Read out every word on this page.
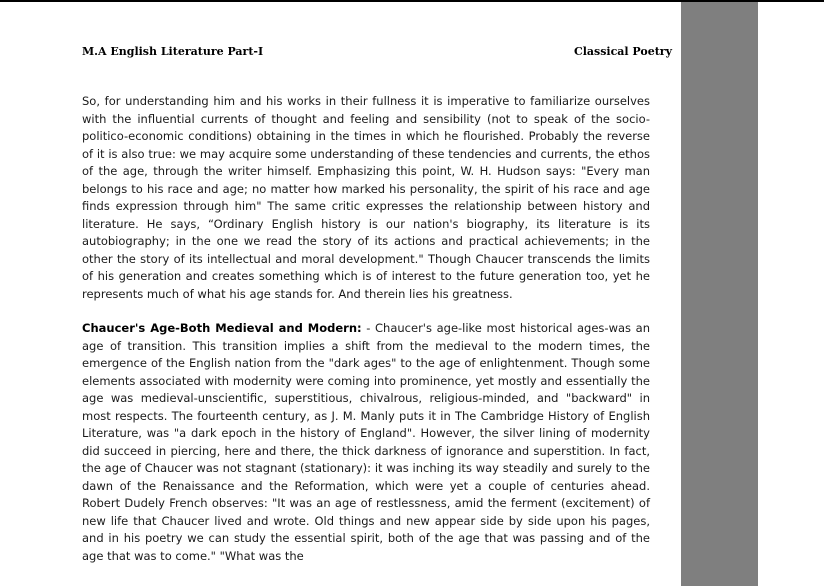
M.A English Literature Part-I	Classical Poetry

So, for understanding him and his works in their fullness it is imperative to familiarize ourselves with the influential currents of thought and feeling and sensibility (not to speak of the socio-politico-economic conditions) obtaining in the times in which he flourished. Probably the reverse of it is also true: we may acquire some understanding of these tendencies and currents, the ethos of the age, through the writer himself. Emphasizing this point, W. H. Hudson says: "Every man belongs to his race and age; no matter how marked his personality, the spirit of his race and age finds expression through him" The same critic expresses the relationship between history and literature. He says, “Ordinary English history is our nation's biography, its literature is its autobiography; in the one we read the story of its actions and practical achievements; in the other the story of its intellectual and moral development." Though Chaucer transcends the limits of his generation and creates something which is of interest to the future generation too, yet he represents much of what his age stands for. And therein lies his greatness.

Chaucer's Age-Both Medieval and Modern: - Chaucer's age-like most historical ages-was an age of transition. This transition implies a shift from the medieval to the modern times, the emergence of the English nation from the "dark ages" to the age of enlightenment. Though some elements associated with modernity were coming into prominence, yet mostly and essentially the age was medieval-unscientific, superstitious, chivalrous, religious-minded, and "backward" in most respects. The fourteenth century, as J. M. Manly puts it in The Cambridge History of English Literature, was "a dark epoch in the history of England". However, the silver lining of modernity did succeed in piercing, here and there, the thick darkness of ignorance and superstition. In fact, the age of Chaucer was not stagnant (stationary): it was inching its way steadily and surely to the dawn of the Renaissance and the Reformation, which were yet a couple of centuries ahead. Robert Dudely French observes: "It was an age of restlessness, amid the ferment (excitement) of new life that Chaucer lived and wrote. Old things and new appear side by side upon his pages, and in his poetry we can study the essential spirit, both of the age that was passing and of the age that was to come." "What was the
